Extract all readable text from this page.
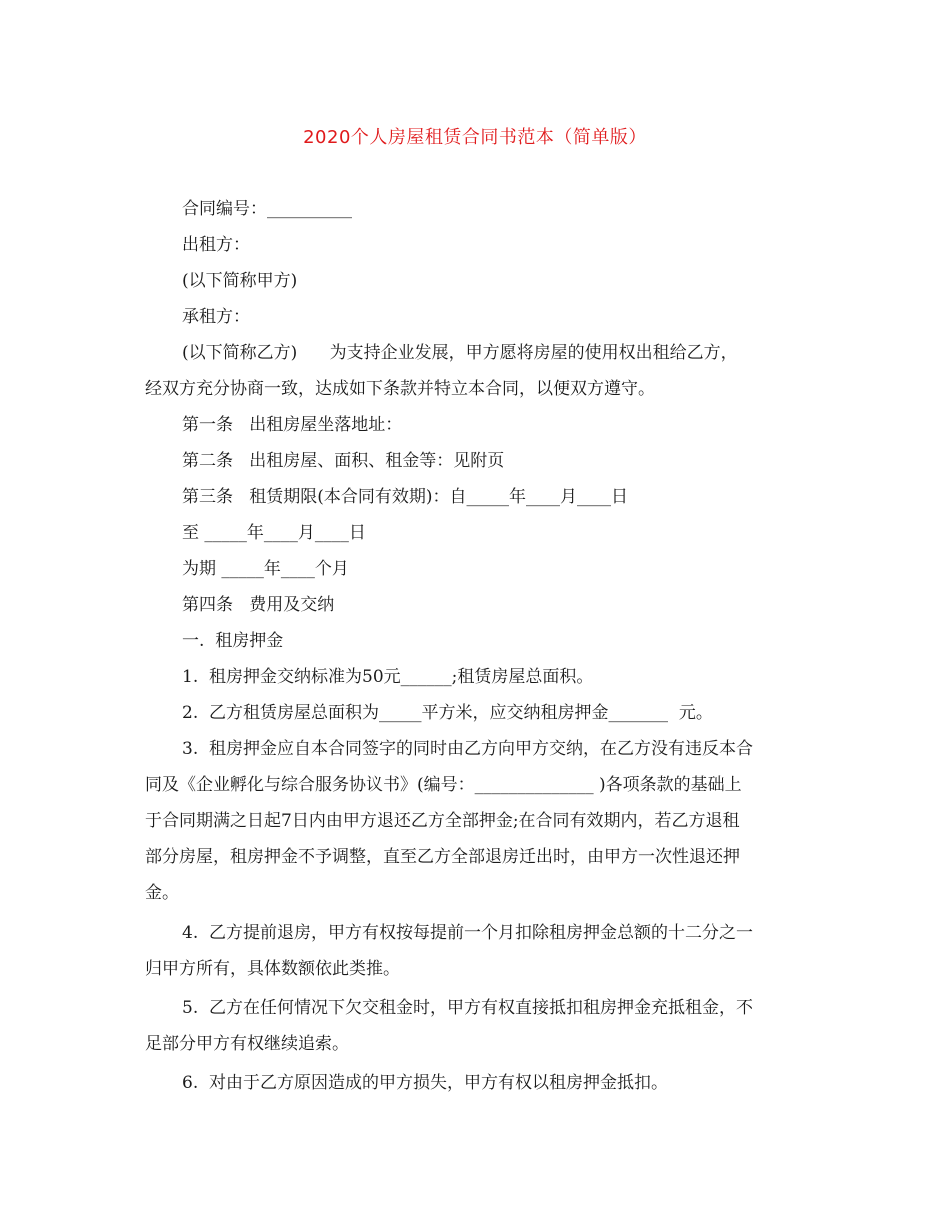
2020个人房屋租赁合同书范本（简单版）
合同编号：__________
出租方：
(以下简称甲方)
承租方：
(以下简称乙方)      为支持企业发展，甲方愿将房屋的使用权出租给乙方，
经双方充分协商一致，达成如下条款并特立本合同，以便双方遵守。
第一条   出租房屋坐落地址：
第二条   出租房屋、面积、租金等：见附页
第三条   租赁期限(本合同有效期)：自_____年____月____日
至 _____年____月____日
为期 _____年____个月
第四条   费用及交纳
一.  租房押金
1.  租房押金交纳标准为50元______;租赁房屋总面积。
2.  乙方租赁房屋总面积为_____平方米，应交纳租房押金_______  元。
3.  租房押金应自本合同签字的同时由乙方向甲方交纳，在乙方没有违反本合
同及《企业孵化与综合服务协议书》(编号：______________ )各项条款的基础上
于合同期满之日起7日内由甲方退还乙方全部押金;在合同有效期内，若乙方退租
部分房屋，租房押金不予调整，直至乙方全部退房迁出时，由甲方一次性退还押
金。
4.  乙方提前退房，甲方有权按每提前一个月扣除租房押金总额的十二分之一
归甲方所有，具体数额依此类推。
5.  乙方在任何情况下欠交租金时，甲方有权直接抵扣租房押金充抵租金，不
足部分甲方有权继续追索。
6.  对由于乙方原因造成的甲方损失，甲方有权以租房押金抵扣。
